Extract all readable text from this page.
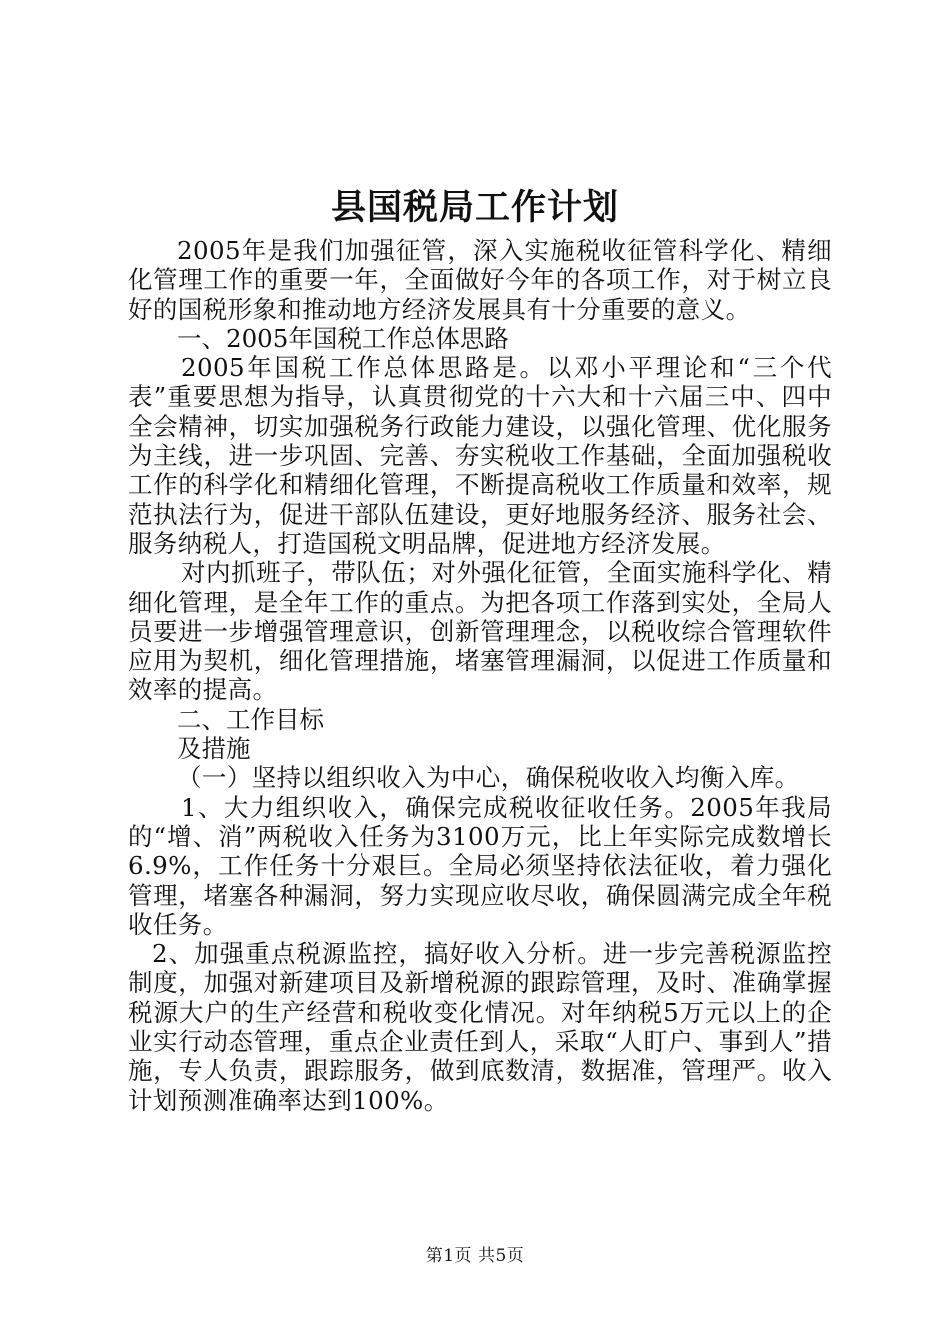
县国税局工作计划

2005年是我们加强征管，深入实施税收征管科学化、精细化管理工作的重要一年，全面做好今年的各项工作，对于树立良好的国税形象和推动地方经济发展具有十分重要的意义。

一、2005年国税工作总体思路

2005年国税工作总体思路是。以邓小平理论和“三个代表”重要思想为指导，认真贯彻党的十六大和十六届三中、四中全会精神，切实加强税务行政能力建设，以强化管理、优化服务为主线，进一步巩固、完善、夯实税收工作基础，全面加强税收工作的科学化和精细化管理，不断提高税收工作质量和效率，规范执法行为，促进干部队伍建设，更好地服务经济、服务社会、服务纳税人，打造国税文明品牌，促进地方经济发展。

对内抓班子，带队伍；对外强化征管，全面实施科学化、精细化管理，是全年工作的重点。为把各项工作落到实处，全局人员要进一步增强管理意识，创新管理理念，以税收综合管理软件应用为契机，细化管理措施，堵塞管理漏洞，以促进工作质量和效率的提高。

二、工作目标

及措施

（一）坚持以组织收入为中心，确保税收收入均衡入库。

1、大力组织收入，确保完成税收征收任务。2005年我局的“增、消”两税收入任务为3100万元，比上年实际完成数增长6.9%，工作任务十分艰巨。全局必须坚持依法征收，着力强化管理，堵塞各种漏洞，努力实现应收尽收，确保圆满完成全年税收任务。

2、加强重点税源监控，搞好收入分析。进一步完善税源监控制度，加强对新建项目及新增税源的跟踪管理，及时、准确掌握税源大户的生产经营和税收变化情况。对年纳税5万元以上的企业实行动态管理，重点企业责任到人，采取“人盯户、事到人”措施，专人负责，跟踪服务，做到底数清，数据准，管理严。收入计划预测准确率达到100%。

第1页 共5页
